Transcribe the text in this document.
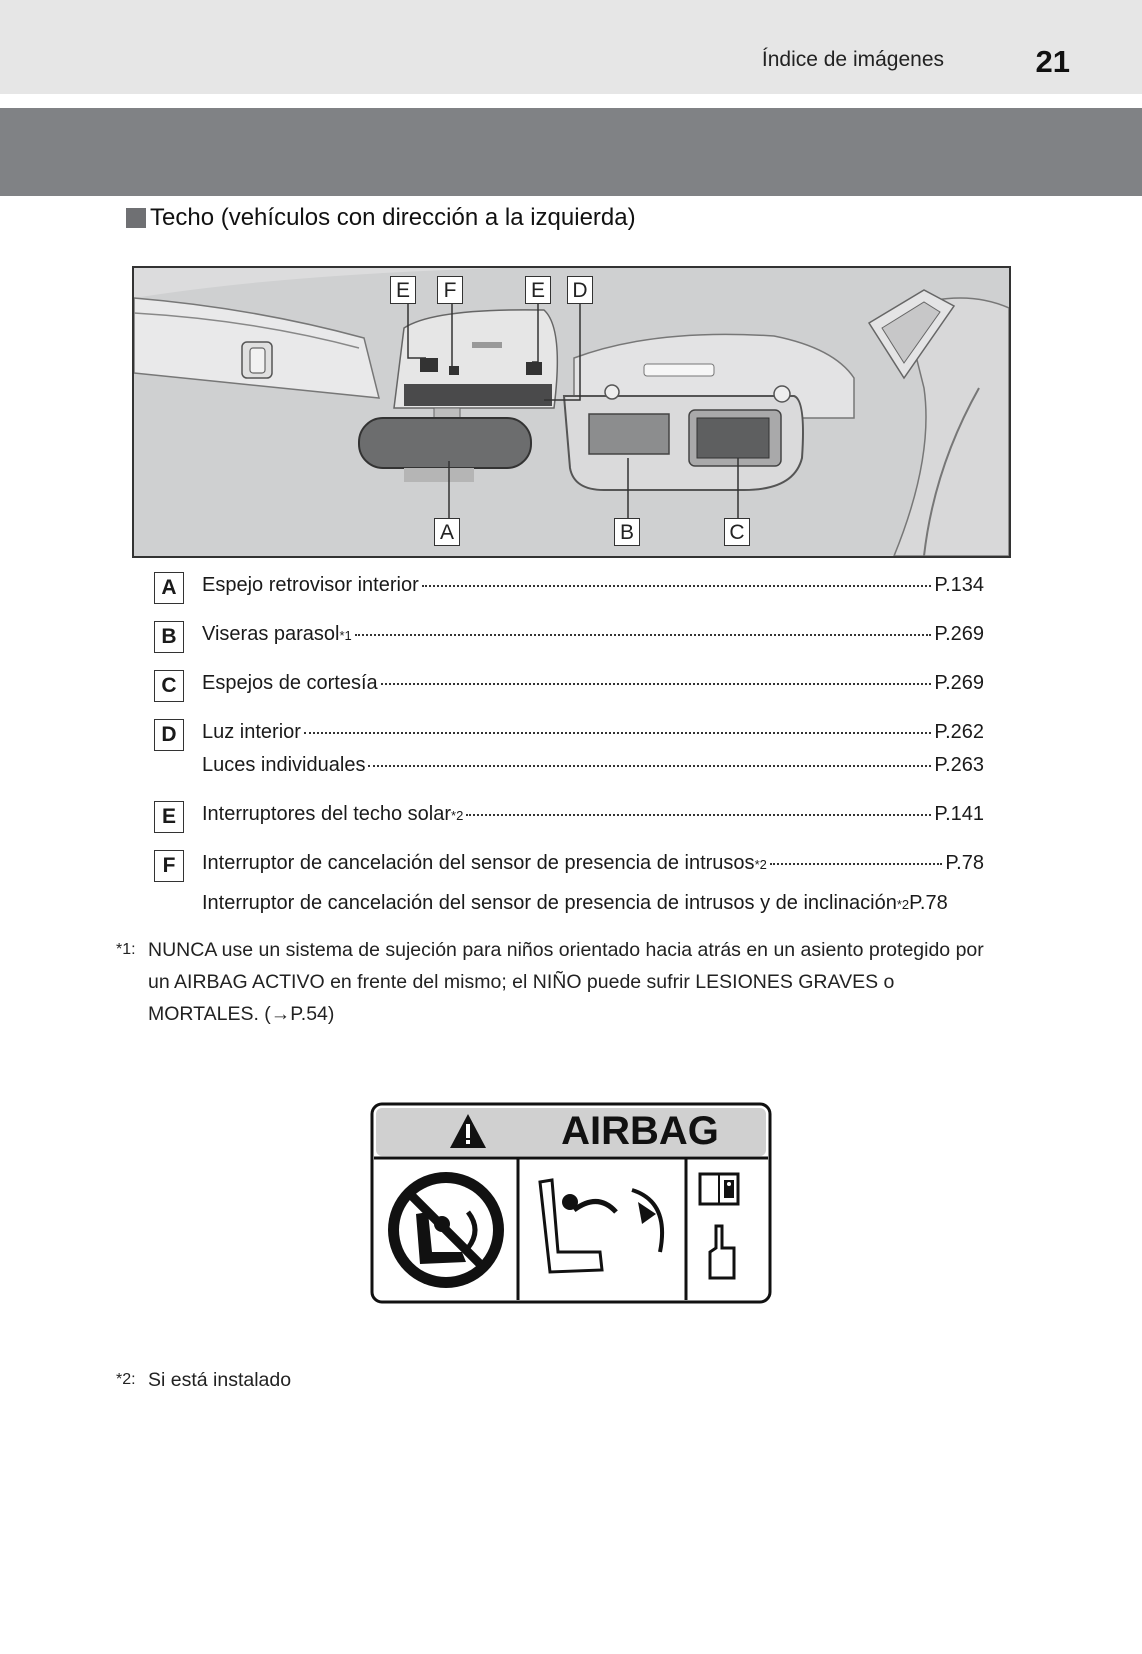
Índice de imágenes	21
Techo (vehículos con dirección a la izquierda)
E	F	E D
A	B	C
A	Espejo retrovisor interior	P.134
B	Viseras parasol *1	P.269
C	Espejos de cortesía	P.269
D	Luz interior	P.262
Luces individuales	P.263
E	Interruptores del techo solar *2	P.141
F	Interruptor de cancelación del sensor de presencia de intrusos *2	P.78
Interruptor de cancelación del sensor de presencia de intrusos y de inclinación *2 P.78
*1: NUNCA use un sistema de sujeción para niños orientado hacia atrás en un asiento protegido por un AIRBAG ACTIVO en frente del mismo; el NIÑO puede sufrir LESIONES GRAVES o MORTALES. (→P.54)
AIRBAG
*2: Si está instalado
